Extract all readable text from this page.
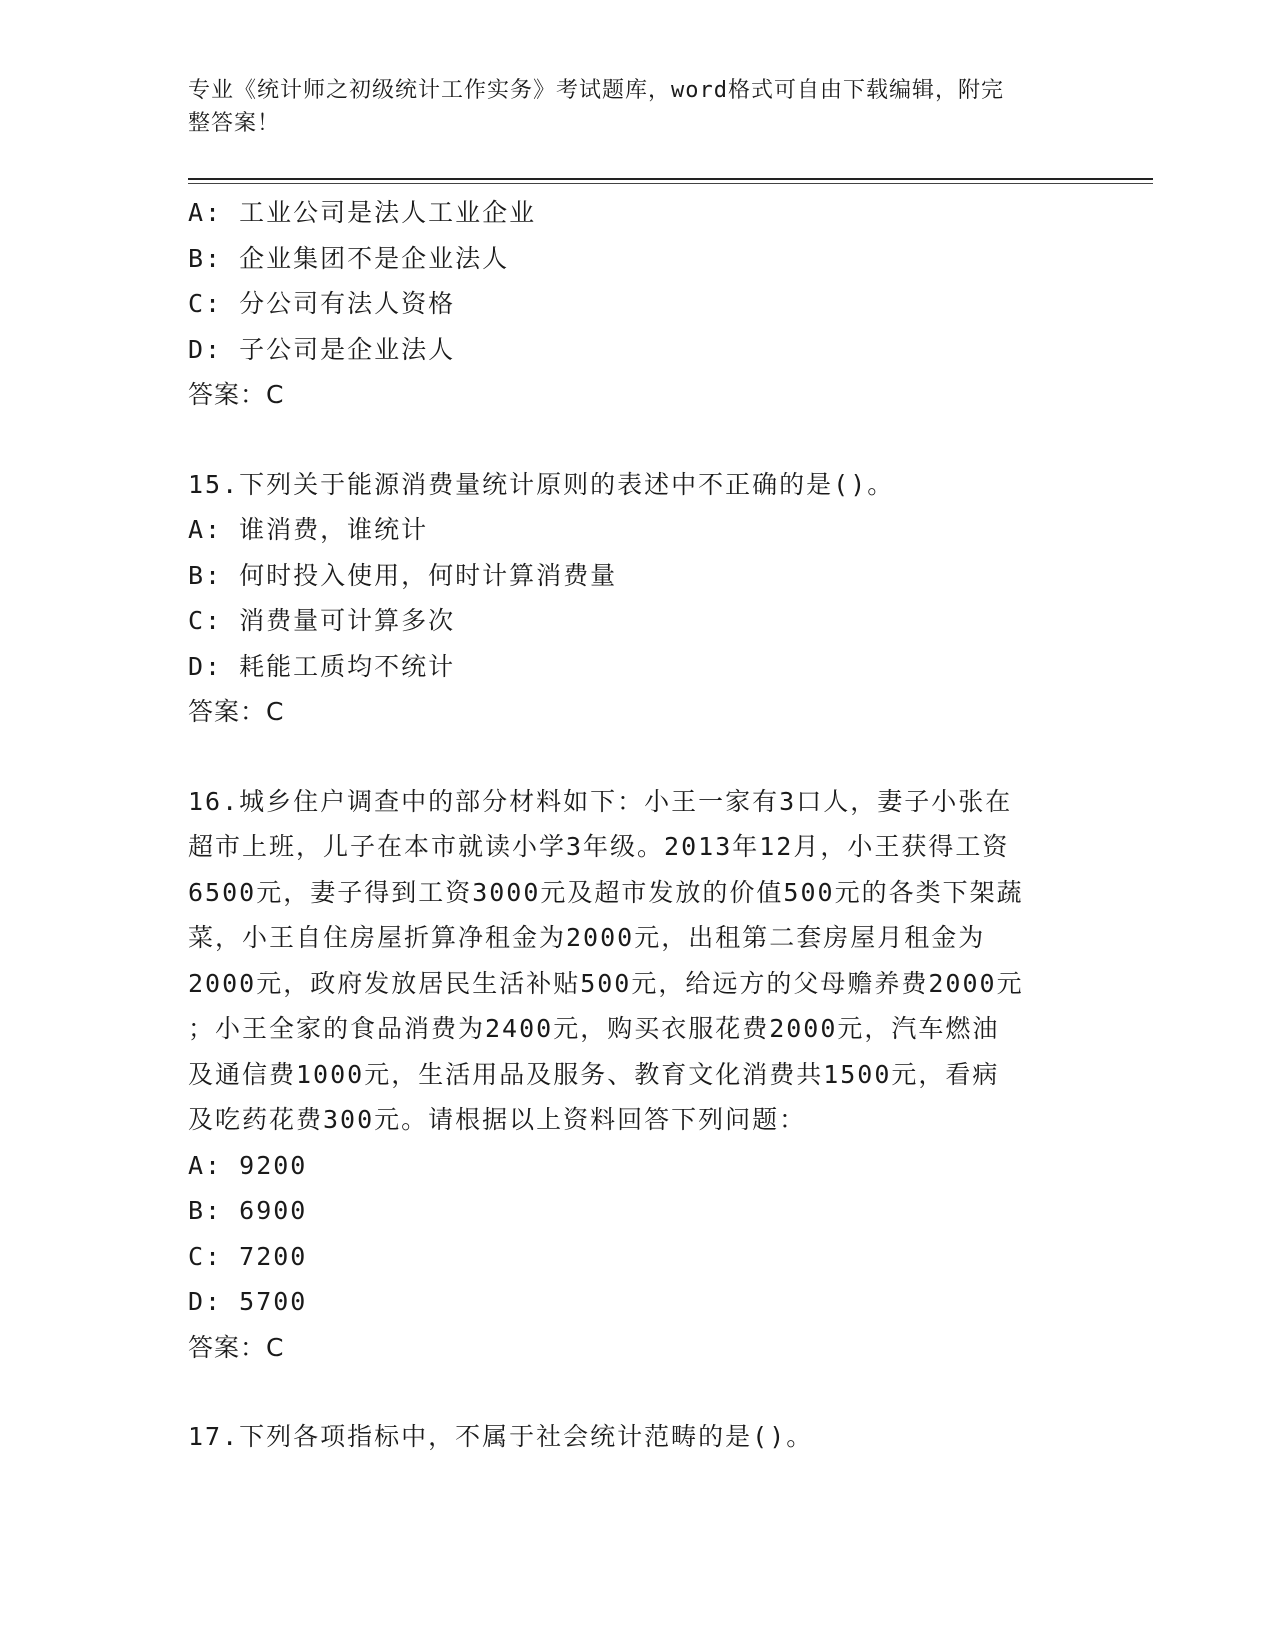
专业《统计师之初级统计工作实务》考试题库，word格式可自由下载编辑，附完
整答案！
A: 工业公司是法人工业企业
B: 企业集团不是企业法人
C: 分公司有法人资格
D: 子公司是企业法人
答案：C
15.下列关于能源消费量统计原则的表述中不正确的是()。
A: 谁消费，谁统计
B: 何时投入使用，何时计算消费量
C: 消费量可计算多次
D: 耗能工质均不统计
答案：C
16.城乡住户调查中的部分材料如下：小王一家有3口人，妻子小张在
超市上班，儿子在本市就读小学3年级。2013年12月，小王获得工资
6500元，妻子得到工资3000元及超市发放的价值500元的各类下架蔬
菜，小王自住房屋折算净租金为2000元，出租第二套房屋月租金为
2000元，政府发放居民生活补贴500元，给远方的父母赡养费2000元
；小王全家的食品消费为2400元，购买衣服花费2000元，汽车燃油
及通信费1000元，生活用品及服务、教育文化消费共1500元，看病
及吃药花费300元。请根据以上资料回答下列问题：
A: 9200
B: 6900
C: 7200
D: 5700
答案：C
17.下列各项指标中，不属于社会统计范畴的是()。
